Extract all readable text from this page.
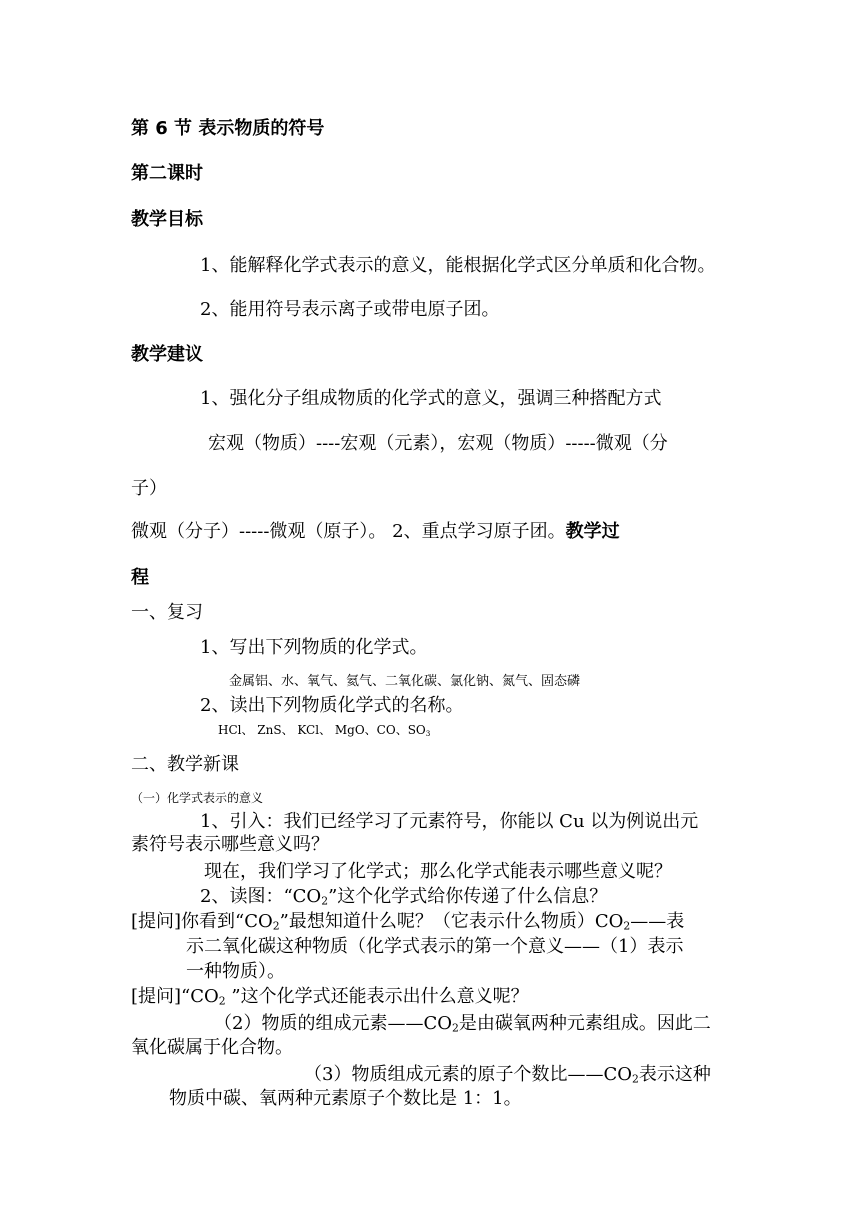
第 6 节 表示物质的符号
第二课时
教学目标
1、能解释化学式表示的意义，能根据化学式区分单质和化合物。
2、能用符号表示离子或带电原子团。
教学建议
1、强化分子组成物质的化学式的意义，强调三种搭配方式
宏观（物质）----宏观（元素），宏观（物质）-----微观（分
子）
微观（分子）-----微观（原子）。 2、重点学习原子团。教学过
程
一、复习
1、写出下列物质的化学式。
金属铝、水、氧气、氦气、二氧化碳、氯化钠、氮气、固态磷
2、读出下列物质化学式的名称。
HCl、 ZnS、 KCl、 MgO、CO、$SO_3$
二、教学新课
（一）化学式表示的意义
1、引入：我们已经学习了元素符号，你能以 Cu 以为例说出元
素符号表示哪些意义吗？
现在，我们学习了化学式；那么化学式能表示哪些意义呢？
2、读图：“$CO_2$”这个化学式给你传递了什么信息？
[提问]你看到“$CO_2$”最想知道什么呢？（它表示什么物质）$CO_2——$表
示二氧化碳这种物质（化学式表示的第一个意义——（1）表示
一种物质）。
[提问]“$CO_2$ ”这个化学式还能表示出什么意义呢？
（2）物质的组成元素$——CO_2$是由碳氧两种元素组成。因此二
氧化碳属于化合物。
（3）物质组成元素的原子个数比$——CO_2$表示这种
物质中碳、氧两种元素原子个数比是 1：1。
